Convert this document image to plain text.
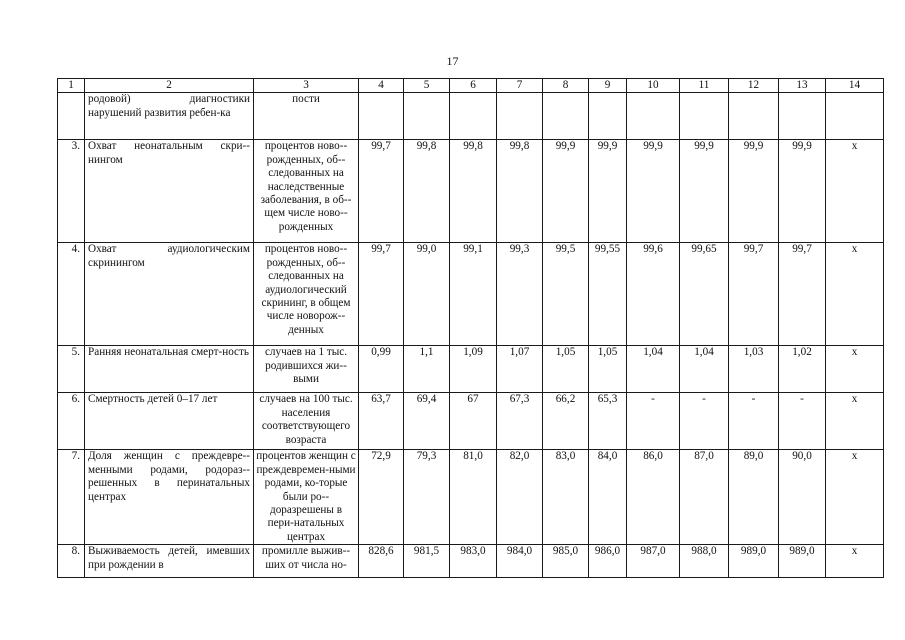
17
1	2	3	4	5	6	7	8	9	10	11	12	13	14
	родовой) диагностики нарушений развития ребен-ка	пости											
3.	Охват неонатальным скри-нингом	процентов ново-рожденных, об-следованных на наследственные заболевания, в об-щем числе ново-рожденных	99,7	99,8	99,8	99,8	99,9	99,9	99,9	99,9	99,9	99,9	x
4.	Охват аудиологическим скринингом	процентов ново-рожденных, об-следованных на аудиологический скрининг, в общем числе новорож-денных	99,7	99,0	99,1	99,3	99,5	99,55	99,6	99,65	99,7	99,7	x
5.	Ранняя неонатальная смерт-ность	случаев на 1 тыс. родившихся жи-выми	0,99	1,1	1,09	1,07	1,05	1,05	1,04	1,04	1,03	1,02	x
6.	Смертность детей 0–17 лет	случаев на 100 тыс. населения соответствующего возраста	63,7	69,4	67	67,3	66,2	65,3	-	-	-	-	x
7.	Доля женщин с преждевре-менными родами, родораз-решенных в перинатальных центрах	процентов женщин с преждевремен-ными родами, ко-торые были ро-доразрешены в пери-натальных центрах	72,9	79,3	81,0	82,0	83,0	84,0	86,0	87,0	89,0	90,0	x
8.	Выживаемость детей, имевших при рождении в	промилле выжив-ших от числа но-	828,6	981,5	983,0	984,0	985,0	986,0	987,0	988,0	989,0	989,0	x
